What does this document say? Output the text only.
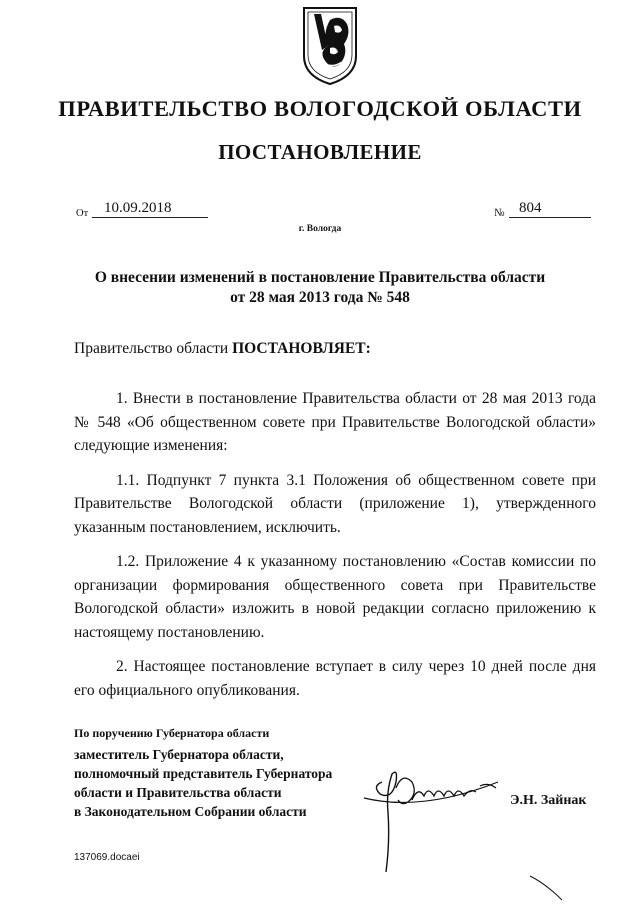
ПРАВИТЕЛЬСТВО ВОЛОГОДСКОЙ ОБЛАСТИ
ПОСТАНОВЛЕНИЕ
От	10.09.2018	№ 804
г. Вологда
О внесении изменений в постановление Правительства области
от 28 мая 2013 года № 548
Правительство области ПОСТАНОВЛЯЕТ:

1. Внести в постановление Правительства области от 28 мая 2013 года № 548 «Об общественном совете при Правительстве Вологодской области» следующие изменения:

1.1. Подпункт 7 пункта 3.1 Положения об общественном совете при Правительстве Вологодской области (приложение 1), утвержденного указанным постановлением, исключить.

1.2. Приложение 4 к указанному постановлению «Состав комиссии по организации формирования общественного совета при Правительстве Вологодской области» изложить в новой редакции согласно приложению к настоящему постановлению.

2. Настоящее постановление вступает в силу через 10 дней после дня его официального опубликования.

По поручению Губернатора области
заместитель Губернатора области,
полномочный представитель Губернатора
области и Правительства области
в Законодательном Собрании области
Э.Н. Зайнак
137069.docaei
